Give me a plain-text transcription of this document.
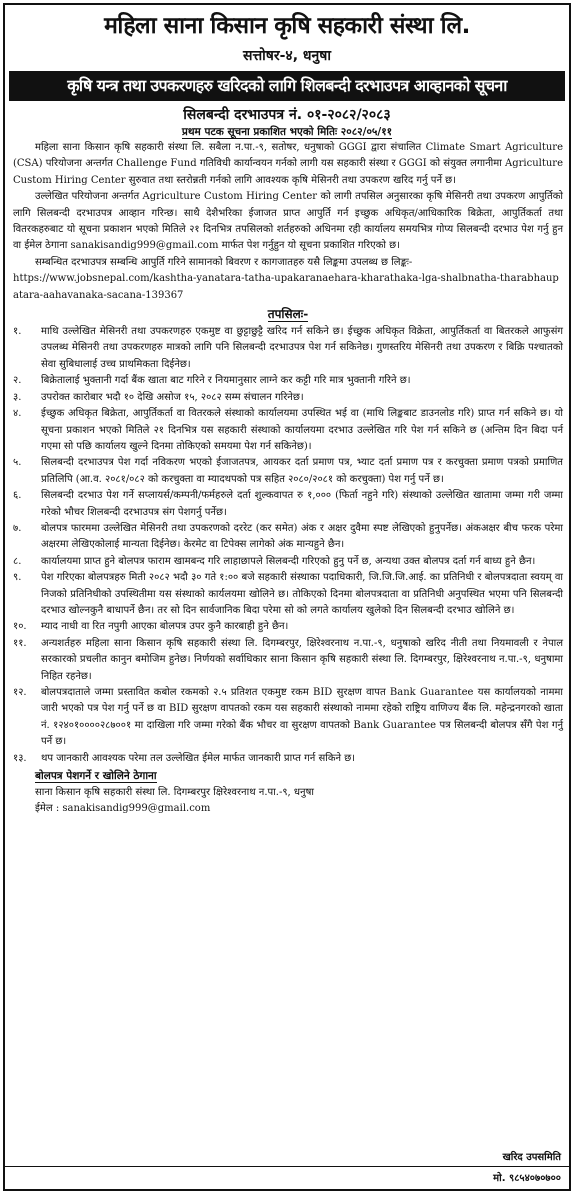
महिला साना किसान कृषि सहकारी संस्था लि.
सत्तोषर-४, धनुषा
कृषि यन्त्र तथा उपकरणहरु खरिदको लागि शिलबन्दी दरभाउपत्र आव्हानको सूचना
सिलबन्दी दरभाउपत्र नं. ०१-२०८२/२०८३
प्रथम पटक सूचना प्रकाशित भएको मितिः २०८२/०५/११

महिला साना किसान कृषि सहकारी संस्था लि. सबैला न.पा.-९, सतोषर, धनुषाको GGGI द्वारा संचालित Climate Smart Agriculture (CSA) परियोजना अन्तर्गत Challenge Fund गतिविधी कार्यान्वयन गर्नको लागी यस सहकारी संस्था र GGGI को संयुक्त लगानीमा Agriculture Custom Hiring Center सुरुवात तथा स्तरोन्नती गर्नको लागि आवश्यक कृषि मेसिनरी तथा उपकरण खरिद गर्नु पर्ने छ।

उल्लेखित परियोजना अन्तर्गत Agriculture Custom Hiring Center को लागी तपसिल अनुसारका कृषि मेसिनरी तथा उपकरण आपुर्तिको लागि सिलबन्दी दरभाउपत्र आव्हान गरिन्छ। साथै देशैभरिका ईजाजत प्राप्त आपुर्ति गर्न इच्छुक अधिकृत/आधिकारिक बिक्रेता, आपुर्तिकर्ता तथा वितरकहरुबाट यो सूचना प्रकाशन भएको मितिले २१ दिनभित्र तपसिलको शर्तहरुको अधिनमा रही कार्यालय समयभित्र गोप्य सिलबन्दी दरभाउ पेश गर्नु हुन वा ईमेल ठेगाना sanakisandig999@gmail.com मार्फत पेश गर्नुहुन यो सूचना प्रकाशित गरिएको छ।

सम्बन्धित दरभाउपत्र सम्बन्धि आपुर्ति गरिने सामानको बिवरण र कागजातहरु यसै लिङ्कमा उपलब्ध छ लिङ्कः-

https://www.jobsnepal.com/kashtha-yanatara-tatha-upakaranaehara-kharathaka-lga-shalbnatha-tharabhaupatara-aahavanaka-sacana-139367

तपसिलः-
१.	माथि उल्लेखित मेसिनरी तथा उपकरणहरु एकमुष्ट वा छुट्टाछुट्टै खरिद गर्न सकिने छ। ईच्छुक अधिकृत विक्रेता, आपुर्तिकर्ता वा बितरकले आफुसंग उपलब्ध मेसिनरी तथा उपकरणहरु मात्रको लागि पनि सिलबन्दी दरभाउपत्र पेश गर्न सकिनेछ। गुणस्तरिय मेसिनरी तथा उपकरण र बिक्रि पश्चातको सेवा सुबिधालाई उच्च प्राथमिकता दिईनेछ।
२.	बिक्रेतालाई भुक्तानी गर्दा बैंक खाता बाट गरिने र नियमानुसार लाग्ने कर कट्टी गरि मात्र भुक्तानी गरिने छ।
३.	उपरोक्त कारोबार भदौ १० देखि असोज १५, २०८२ सम्म संचालन गरिनेछ।
४.	ईच्छुक अधिकृत बिक्रेता, आपुर्तिकर्ता वा वितरकले संस्थाको कार्यालयमा उपस्थित भई वा (माथि लिङ्कबाट डाउनलोड गरि) प्राप्त गर्न सकिने छ। यो सूचना प्रकाशन भएको मितिले २१ दिनभित्र यस सहकारी संस्थाको कार्यालयमा दरभाउ उल्लेखित गरि पेश गर्न सकिने छ (अन्तिम दिन बिदा पर्न गएमा सो पछि कार्यालय खुल्ने दिनमा तोकिएको समयमा पेश गर्न सकिनेछ)।
५.	सिलबन्दी दरभाउपत्र पेश गर्दा नविकरण भएको ईजाजतपत्र, आयकर दर्ता प्रमाण पत्र, भ्याट दर्ता प्रमाण पत्र र करचुक्ता प्रमाण पत्रको प्रमाणित प्रतिलिपि (आ.व. २०८१/०८२ को करचुक्ता वा म्यादथपको पत्र सहित २०८०/२०८१ को करचुक्ता) पेश गर्नु पर्ने छ।
६.	सिलबन्दी दरभाउ पेश गर्ने सप्लायर्स/कम्पनी/फर्महरुले दर्ता शुल्कवापत रु १,००० (फिर्ता नहुने गरि) संस्थाको उल्लेखित खातामा जम्मा गरी जम्मा गरेको भौचर शिलबन्दी दरभाउपत्र संग पेशगर्नु पर्नेछ।
७.	बोलपत्र फारममा उल्लेखित मेसिनरी तथा उपकरणको दररेट (कर समेत) अंक र अक्षर दुवैमा स्पष्ट लेखिएको हुनुपर्नेछ। अंकअक्षर बीच फरक परेमा अक्षरमा लेखिएकोलाई मान्यता दिईनेछ। केरमेट वा टिपेक्स लागेको अंक मान्यहुने छैन।
८.	कार्यालयमा प्राप्त हुने बोलपत्र फाराम खामबन्द गरि लाहाछापले सिलबन्दी गरिएको हुनु पर्ने छ, अन्यथा उक्त बोलपत्र दर्ता गर्न बाध्य हुने छैन।
९.	पेश गरिएका बोलपत्रहरु मिती २०८२ भदौ ३० गते १:०० बजे सहकारी संस्थाका पदाधिकारी, जि.जि.जि.आई. का प्रतिनिधी र बोलपत्रदाता स्वयम् वा निजको प्रतिनिधीको उपस्थितीमा यस संस्थाको कार्यलयमा खोलिने छ। तोकिएको दिनमा बोलपत्रदाता वा प्रतिनिधी अनुपस्थित भएमा पनि सिलबन्दी दरभाउ खोल्नकुनै बाधापर्ने छैन। तर सो दिन सार्वजानिक बिदा परेमा सो को लगते कार्यालय खुलेको दिन सिलबन्दी दरभाउ खोलिने छ।
१०.	म्याद नाधी वा रित नपुगी आएका बोलपत्र उपर कुनै कारबाही हुने छैन।
११.	अन्यशर्तहरु महिला साना किसान कृषि सहकारी संस्था लि. दिगम्बरपुर, क्षिरेश्वरनाथ न.पा.-९, धनुषाको खरिद नीती तथा नियमावली र नेपाल सरकारको प्रचलीत कानुन बमोजिम हुनेछ। निर्णयको सर्वाधिकार साना किसान कृषि सहकारी संस्था लि. दिगम्बरपुर, क्षिरेश्वरनाथ न.पा.-९, धनुषामा निहित रहनेछ।
१२.	बोलपत्रदाताले जम्मा प्रस्तावित कबोल रकमको २.५ प्रतिशत एकमुष्ट रकम BID सुरक्षण वापत Bank Guarantee यस कार्यालयको नाममा जारी भएको पत्र पेश गर्नु पर्ने छ वा BID सुरक्षण वापतको रकम यस सहकारी संस्थाको नाममा रहेको राष्ट्रिय वाणिज्य बैंक लि. महेन्द्रनगरको खाता नं. १२४०१००००२८७००१ मा दाखिला गरि जम्मा गरेको बैंक भौचर वा सुरक्षण वापतको Bank Guarantee पत्र सिलबन्दी बोलपत्र सँगै पेश गर्नु पर्ने छ।
१३.	थप जानकारी आवश्यक परेमा तल उल्लेखित ईमेल मार्फत जानकारी प्राप्त गर्न सकिने छ।
बोलपत्र पेशगर्ने र खोलिने ठेगाना
साना किसान कृषि सहकारी संस्था लि. दिगम्बरपुर क्षिरेश्वरनाथ न.पा.-९, धनुषा
ईमेल : sanakisandig999@gmail.com
खरिद उपसमिति
मो. ९८५४०७०७००
